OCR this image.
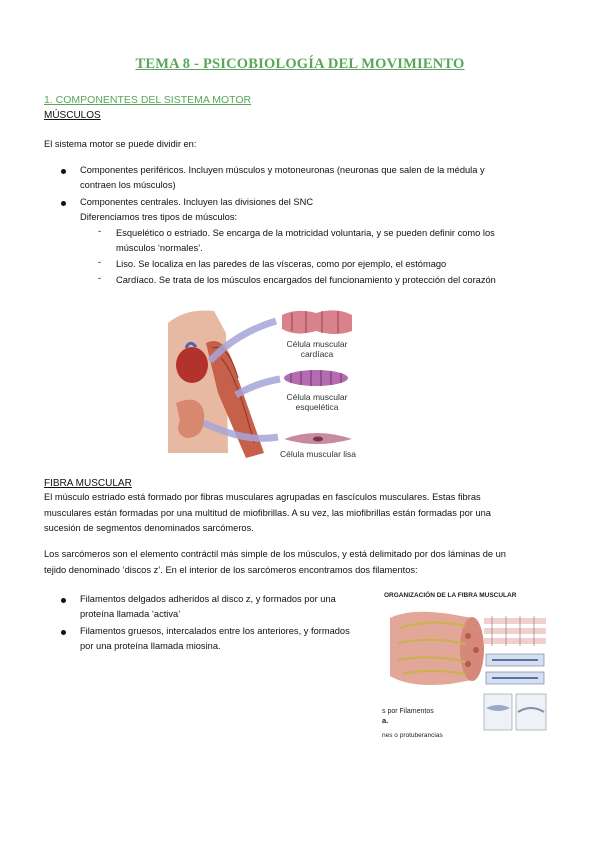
TEMA 8 - PSICOBIOLOGÍA DEL MOVIMIENTO
1. COMPONENTES DEL SISTEMA MOTOR
MÚSCULOS
El sistema motor se puede dividir en:
Componentes periféricos. Incluyen músculos y motoneuronas (neuronas que salen de la médula y
contraen los músculos)
Componentes centrales. Incluyen las divisiones del SNC
Diferenciamos tres tipos de músculos:
- Esquelético o estriado. Se encarga de la motricidad voluntaria, y se pueden definir como los
músculos ‘normales’.
- Liso. Se localiza en las paredes de las vísceras, como por ejemplo, el estómago
- Cardíaco. Se trata de los músculos encargados del funcionamiento y protección del corazón
Célula muscular
cardíaca
Célula muscular
esquelética
Célula muscular lisa
FIBRA MUSCULAR
El músculo estriado está formado por fibras musculares agrupadas en fascículos musculares. Estas fibras
musculares están formadas por una multitud de miofibrillas. A su vez, las miofibrillas están formadas por una
sucesión de segmentos denominados sarcómeros.
Los sarcómeros son el elemento contráctil más simple de los músculos, y está delimitado por dos láminas de un
tejido denominado ‘discos z’. En el interior de los sarcómeros encontramos dos filamentos:
Filamentos delgados adheridos al disco z, y formados por una
proteína llamada ‘activa’
Filamentos gruesos, intercalados entre los anteriores, y formados
por una proteína llamada miosina.
ORGANIZACIÓN DE LA FIBRA MUSCULAR
s por Filamentos
a.
nes o protuberancias
